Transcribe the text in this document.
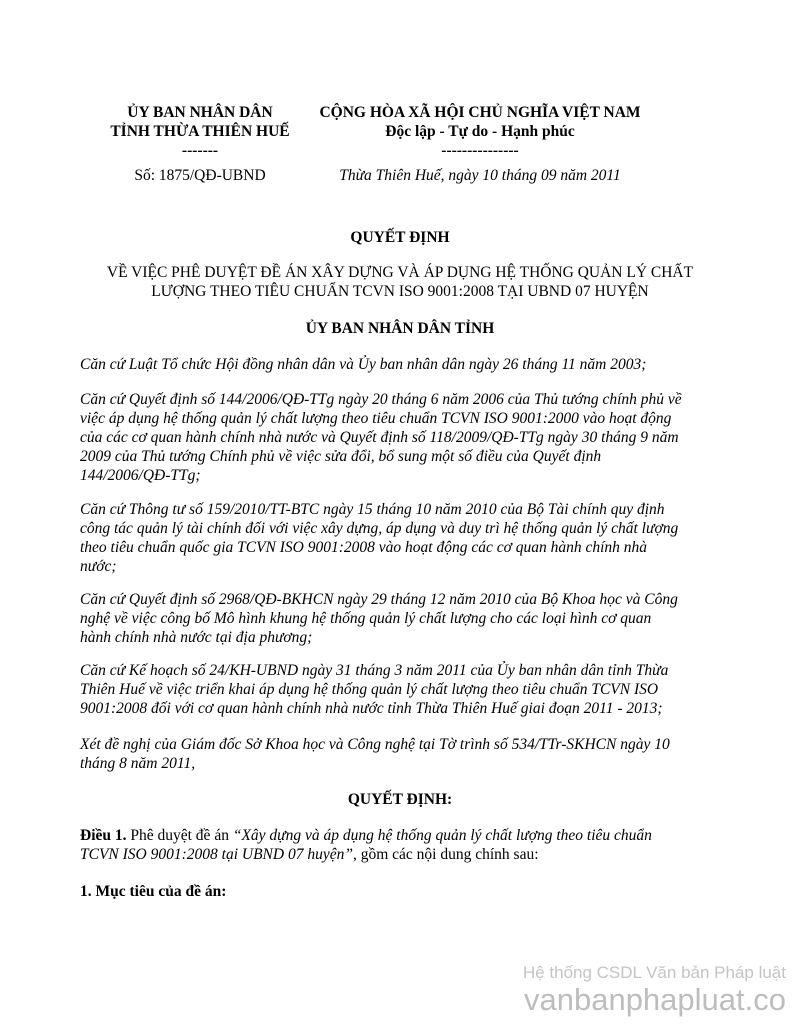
ỦY BAN NHÂN DÂN
TỈNH THỪA THIÊN HUẾ
-------
CỘNG HÒA XÃ HỘI CHỦ NGHĨA VIỆT NAM
Độc lập - Tự do - Hạnh phúc
---------------
Số: 1875/QĐ-UBND	Thừa Thiên Huế, ngày 10 tháng 09 năm 2011
QUYẾT ĐỊNH
VỀ VIỆC PHÊ DUYỆT ĐỀ ÁN XÂY DỰNG VÀ ÁP DỤNG HỆ THỐNG QUẢN LÝ CHẤT
LƯỢNG THEO TIÊU CHUẨN TCVN ISO 9001:2008 TẠI UBND 07 HUYỆN
ỦY BAN NHÂN DÂN TỈNH
Căn cứ Luật Tổ chức Hội đồng nhân dân và Ủy ban nhân dân ngày 26 tháng 11 năm 2003;
Căn cứ Quyết định số 144/2006/QĐ-TTg ngày 20 tháng 6 năm 2006 của Thủ tướng chính phủ về
việc áp dụng hệ thống quản lý chất lượng theo tiêu chuẩn TCVN ISO 9001:2000 vào hoạt động
của các cơ quan hành chính nhà nước và Quyết định số 118/2009/QĐ-TTg ngày 30 tháng 9 năm
2009 của Thủ tướng Chính phủ về việc sửa đổi, bổ sung một số điều của Quyết định
144/2006/QĐ-TTg;
Căn cứ Thông tư số 159/2010/TT-BTC ngày 15 tháng 10 năm 2010 của Bộ Tài chính quy định
công tác quản lý tài chính đối với việc xây dựng, áp dụng và duy trì hệ thống quản lý chất lượng
theo tiêu chuẩn quốc gia TCVN ISO 9001:2008 vào hoạt động các cơ quan hành chính nhà
nước;
Căn cứ Quyết định số 2968/QĐ-BKHCN ngày 29 tháng 12 năm 2010 của Bộ Khoa học và Công
nghệ về việc công bố Mô hình khung hệ thống quản lý chất lượng cho các loại hình cơ quan
hành chính nhà nước tại địa phương;
Căn cứ Kế hoạch số 24/KH-UBND ngày 31 tháng 3 năm 2011 của Ủy ban nhân dân tỉnh Thừa
Thiên Huế về việc triển khai áp dụng hệ thống quản lý chất lượng theo tiêu chuẩn TCVN ISO
9001:2008 đối với cơ quan hành chính nhà nước tỉnh Thừa Thiên Huế giai đoạn 2011 - 2013;
Xét đề nghị của Giám đốc Sở Khoa học và Công nghệ tại Tờ trình số 534/TTr-SKHCN ngày 10
tháng 8 năm 2011,
QUYẾT ĐỊNH:
Điều 1. Phê duyệt đề án “Xây dựng và áp dụng hệ thống quản lý chất lượng theo tiêu chuẩn
TCVN ISO 9001:2008 tại UBND 07 huyện”, gồm các nội dung chính sau:
1. Mục tiêu của đề án:
Hệ thống CSDL Văn bản Pháp luật
vanbanphapluat.co
